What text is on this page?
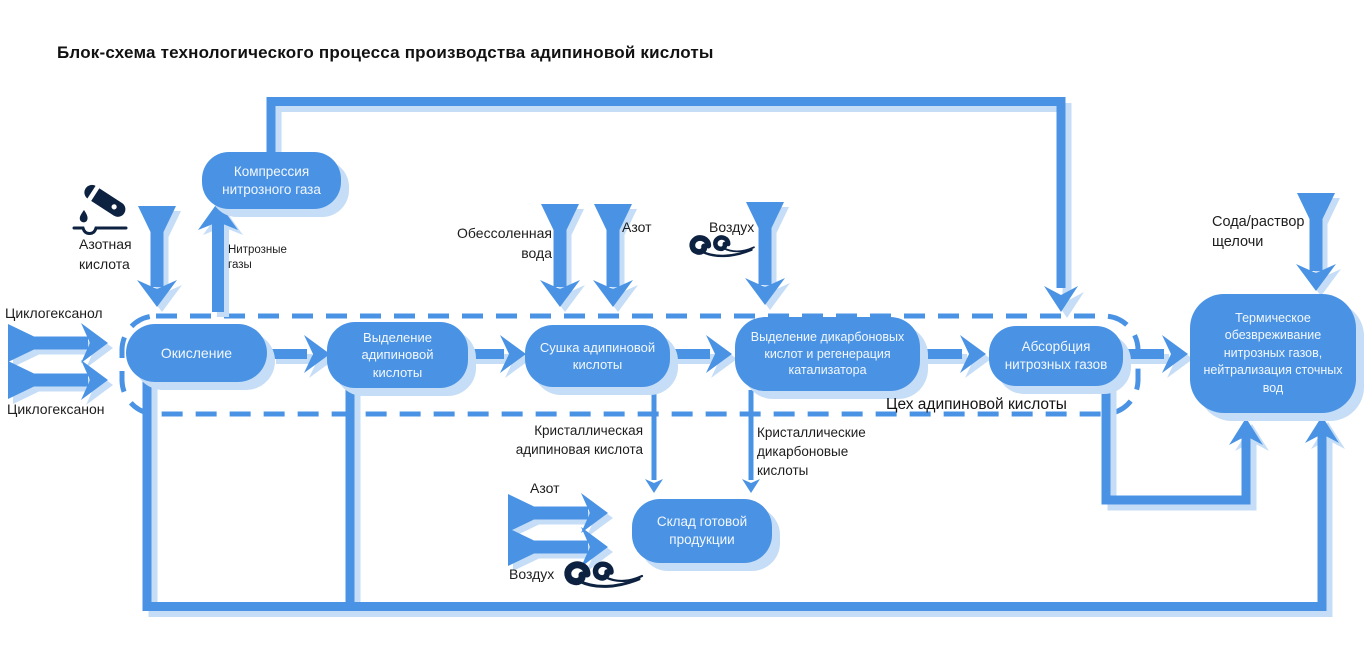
Блок-схема технологического процесса производства адипиновой кислоты
Компрессия нитрозного газа
Окисление
Выделение адипиновой кислоты
Сушка адипиновой кислоты
Выделение дикарбоновых кислот и регенерация катализатора
Абсорбция нитрозных газов
Термическое обезвреживание нитрозных газов, нейтрализация сточных вод
Склад готовой продукции
Азотная кислота
Нитрозные газы
Циклогексанол
Циклогексанон
Обессоленная вода
Азот	Воздух	Сода/раствор щелочи
Кристаллическая адипиновая кислота
Кристаллические дикарбоновые кислоты
Азот
Воздух
Цех адипиновой кислоты
